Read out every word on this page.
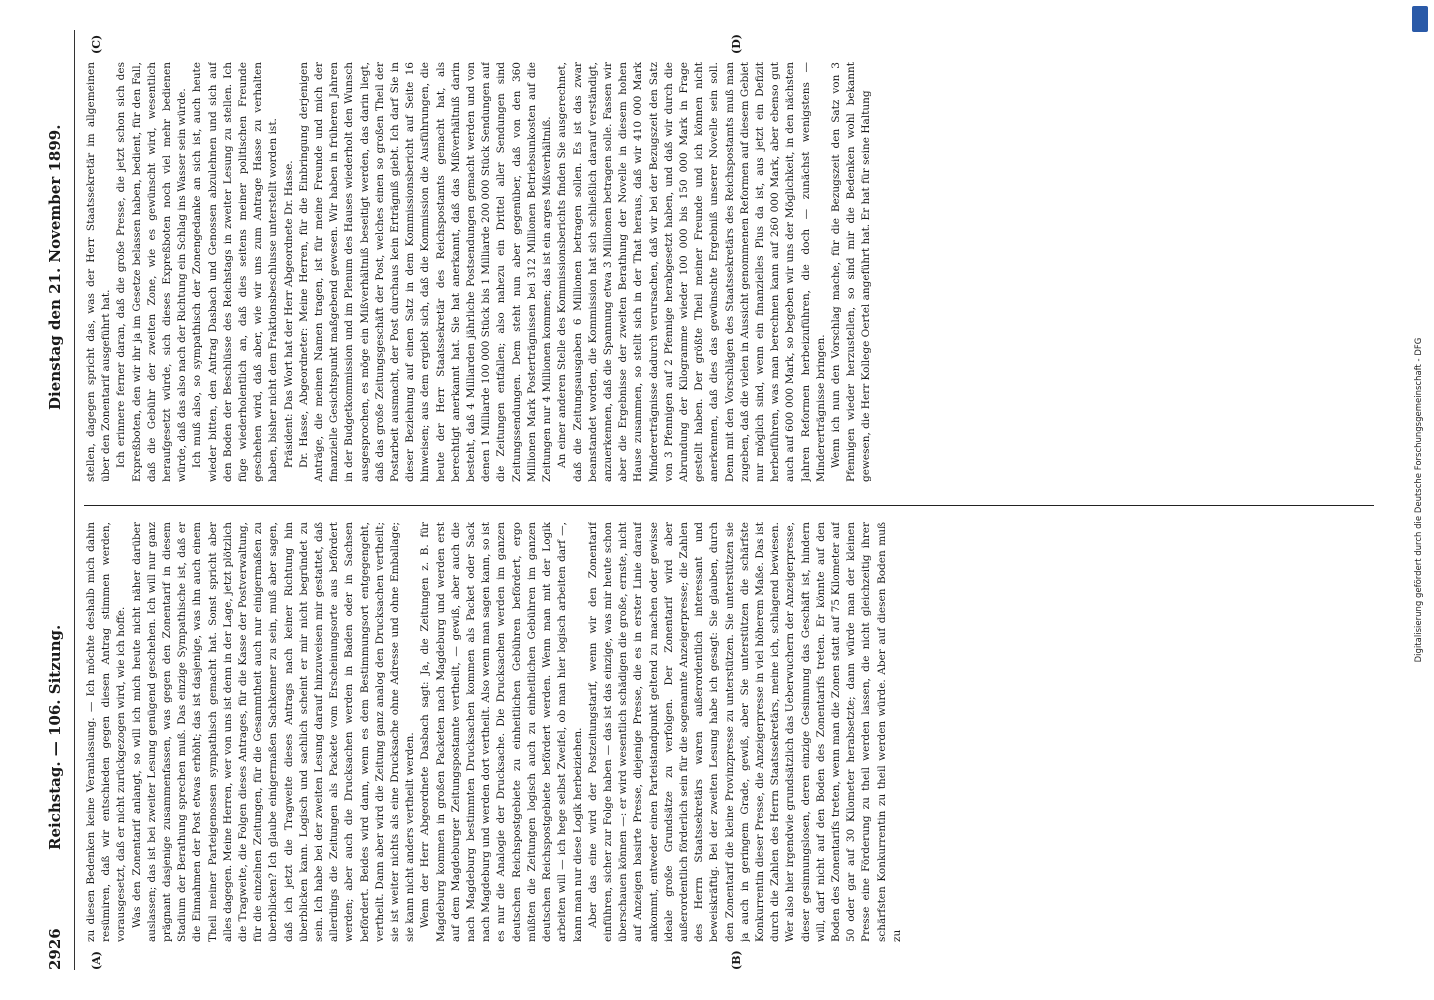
2926
Reichstag. — 106. Sitzung.
Dienstag den 21. November 1899.
(A)	(B)
(C)	(D)

zu diesen Bedenken keine Veranlassung. — Ich möchte deshalb mich dahin resümiren, daß wir entschieden gegen diesen Antrag stimmen werden, vorausgesetzt, daß er nicht zurückgezogen wird, wie ich hoffe. Was den Zonentarif anlangt, so will ich mich heute nicht näher darüber auslassen; das ist bei zweiter Lesung genügend geschehen. Ich will nur ganz prägnant dasjenige zusammenfassen, was gegen den Zonentarif in diesem Stadium der Berathung sprechen muß. Das einzige Sympathische ist, daß er die Einnahmen der Post etwas erhöht; das ist dasjenige, was ihn auch einem Theil meiner Parteigenossen sympathisch gemacht hat. Sonst spricht aber alles dagegen. Meine Herren, wer von uns ist denn in der Lage, jetzt plötzlich die Tragweite, die Folgen dieses Antrages, für die Kasse der Postverwaltung, für die einzelnen Zeitungen, für die Gesammtheit auch nur einigermaßen zu überblicken? Ich glaube einigermaßen Sachkenner zu sein, muß aber sagen, daß ich jetzt die Tragweite dieses Antrags nach keiner Richtung hin überblicken kann. Logisch und sachlich scheint er mir nicht begründet zu sein. Ich habe bei der zweiten Lesung darauf hinzuweisen mir gestattet, daß allerdings die Zeitungen als Packete vom Erscheinungsorte aus befördert werden; aber auch die Drucksachen werden in Baden oder in Sachsen befördert. Beides wird dann, wenn es dem Bestimmungsort entgegengeht, vertheilt. Dann aber wird die Zeitung ganz analog den Drucksachen vertheilt; sie ist weiter nichts als eine Drucksache ohne Adresse und ohne Emballage; sie kann nicht anders vertheilt werden. Wenn der Herr Abgeordnete Dasbach sagt: Ja, die Zeitungen z. B. für Magdeburg kommen in großen Packeten nach Magdeburg und werden erst auf dem Magdeburger Zeitungspostamte vertheilt, — gewiß, aber auch die nach Magdeburg bestimmten Drucksachen kommen als Packet oder Sack nach Magdeburg und werden dort vertheilt. Also wenn man sagen kann, so ist es nur die Analogie der Drucksache. Die Drucksachen werden im ganzen deutschen Reichspostgebiete zu einheitlichen Gebühren befördert, ergo müßten die Zeitungen logisch auch zu einheitlichen Gebühren im ganzen deutschen Reichspostgebiete befördert werden. Wenn man mit der Logik arbeiten will — ich hege selbst Zweifel, ob man hier logisch arbeiten darf —, kann man nur diese Logik herbeiziehen. Aber das eine wird der Postzeitungstarif, wenn wir den Zonentarif einführen, sicher zur Folge haben — das ist das einzige, was mir heute schon überschauen können —: er wird wesentlich schädigen die große, ernste, nicht auf Anzeigen basirte Presse, diejenige Presse, die es in erster Linie darauf ankommt, entweder einen Parteistandpunkt geltend zu machen oder gewisse ideale große Grundsätze zu verfolgen. Der Zonentarif wird aber außerordentlich förderlich sein für die sogenannte Anzeigerpresse; die Zahlen des Herrn Staatssekretärs waren außerordentlich interessant und beweiskräftig. Bei der zweiten Lesung habe ich gesagt: Sie glauben, durch den Zonentarif die kleine Provinzpresse zu unterstützen. Sie unterstützen sie ja auch in geringem Grade, gewiß, aber Sie unterstützen die schärfste Konkurrentin dieser Presse, die Anzeigerpresse in viel höherem Maße. Das ist durch die Zahlen des Herrn Staatssekretärs, meine ich, schlagend bewiesen. Wer also hier irgendwie grundsätzlich das Ueberwuchern der Anzeigerpresse, dieser gesinnungslosen, deren einzige Gesinnung das Geschäft ist, hindern will, darf nicht auf den Boden des Zonentarifs treten. Er könnte auf den Boden des Zonentarifs treten, wenn man die Zonen statt auf 75 Kilometer auf 50 oder gar auf 30 Kilometer herabsetzte; dann würde man der kleinen Presse eine Förderung zu theil werden lassen, die nicht gleichzeitig ihrer schärfsten Konkurrentin zu theil werden würde. Aber auf diesen Boden muß zu

stellen, dagegen spricht das, was der Herr Staatssekretär im allgemeinen über den Zonentarif ausgeführt hat. Ich erinnere ferner daran, daß die große Presse, die jetzt schon sich des Expreßboten, den wir ihr ja im Gesetze belassen haben, bedient, für den Fall, daß die Gebühr der zweiten Zone, wie es gewünscht wird, wesentlich heraufgesetzt würde, sich dieses Expreßboten noch viel mehr bedienen würde, daß das also nach der Richtung ein Schlag ins Wasser sein würde. Ich muß also, so sympathisch der Zonengedanke an sich ist, auch heute wieder bitten, den Antrag Dasbach und Genossen abzulehnen und sich auf den Boden der Beschlüsse des Reichstags in zweiter Lesung zu stellen. Ich füge wiederholentlich an, daß dies seitens meiner politischen Freunde geschehen wird, daß aber, wie wir uns zum Antrage Hasse zu verhalten haben, bisher nicht dem Fraktionsbeschlusse unterstellt worden ist. Präsident: Das Wort hat der Herr Abgeordnete Dr. Hasse. Dr. Hasse, Abgeordneter: Meine Herren, für die Einbringung derjenigen Anträge, die meinen Namen tragen, ist für meine Freunde und mich der finanzielle Gesichtspunkt maßgebend gewesen. Wir haben in früheren Jahren in der Budgetkommission und im Plenum des Hauses wiederholt den Wunsch ausgesprochen, es möge ein Mißverhältniß beseitigt werden, das darin liegt, daß das große Zeitungsgeschäft der Post, welches einen so großen Theil der Postarbeit ausmacht, der Post durchaus kein Erträgniß giebt. Ich darf Sie in dieser Beziehung auf einen Satz in dem Kommissionsbericht auf Seite 16 hinweisen; aus dem ergiebt sich, daß die Kommission die Ausführungen, die heute der Herr Staatssekretär des Reichspostamts gemacht hat, als berechtigt anerkannt hat. Sie hat anerkannt, daß das Mißverhältniß darin besteht, daß 4 Milliarden jährliche Postsendungen gemacht werden und von denen 1 Milliarde 100 000 Stück bis 1 Milliarde 200 000 Stück Sendungen auf die Zeitungen entfallen; also nahezu ein Drittel aller Sendungen sind Zeitungssendungen. Dem steht nun aber gegenüber, daß von den 360 Millionen Mark Posterträgnissen bei 312 Millionen Betriebsunkosten auf die Zeitungen nur 4 Millionen kommen; das ist ein arges Mißverhältniß. An einer anderen Stelle des Kommissionsberichts finden Sie ausgerechnet, daß die Zeitungsausgaben 6 Millionen betragen sollen. Es ist das zwar beanstandet worden, die Kommission hat sich schließlich darauf verständigt, anzuerkennen, daß die Spannung etwa 3 Millionen betragen solle. Fassen wir aber die Ergebnisse der zweiten Berathung der Novelle in diesem hohen Hause zusammen, so stellt sich in der That heraus, daß wir 410 000 Mark Mindererträgnisse dadurch verursachen, daß wir bei der Bezugszeit den Satz von 3 Pfennigen auf 2 Pfennige herabgesetzt haben, und daß wir durch die Abrundung der Kilogramme wieder 100 000 bis 150 000 Mark in Frage gestellt haben. Der größte Theil meiner Freunde und ich können nicht anerkennen, daß dies das gewünschte Ergebniß unserer Novelle sein soll. Denn mit den Vorschlägen des Staatssekretärs des Reichspostamts muß man zugeben, daß die vielen in Aussicht genommenen Reformen auf diesem Gebiet nur möglich sind, wenn ein finanzielles Plus da ist, aus jetzt ein Defizit herbeiführen, was man berechnen kann auf 260 000 Mark, aber ebenso gut auch auf 600 000 Mark, so begeben wir uns der Möglichkeit, in den nächsten Jahren Reformen herbeizuführen, die doch — zunächst wenigstens — Mindererträgnisse bringen. Wenn ich nun den Vorschlag mache, für die Bezugszeit den Satz von 3 Pfennigen wieder herzustellen, so sind mir die Bedenken wohl bekannt gewesen, die Herr Kollege Oertel angeführt hat. Er hat für seine Haltung

Digitalisierung gefördert durch die Deutsche Forschungsgemeinschaft - DFG
